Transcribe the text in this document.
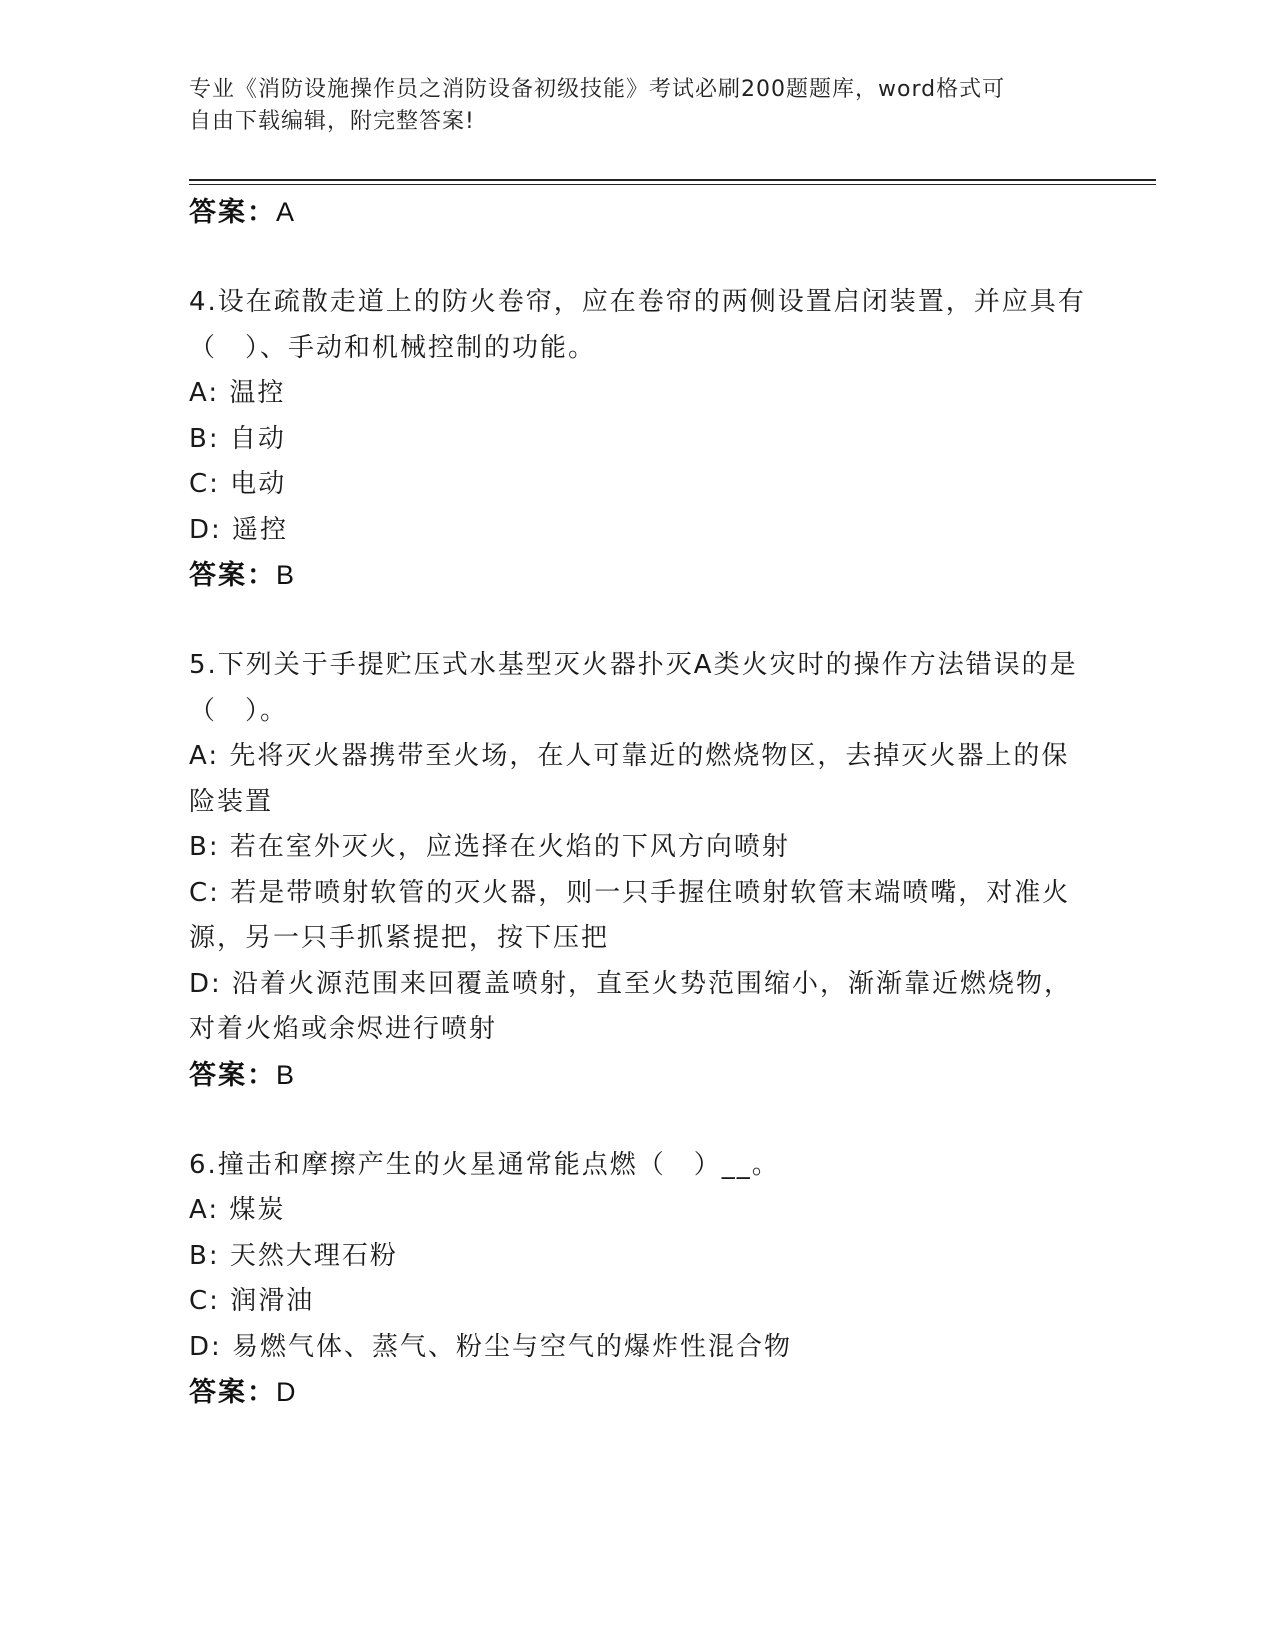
专业《消防设施操作员之消防设备初级技能》考试必刷200题题库，word格式可
自由下载编辑，附完整答案!
答案：A
4.设在疏散走道上的防火卷帘，应在卷帘的两侧设置启闭装置，并应具有（　）、手动和机械控制的功能。
A: 温控
B: 自动
C: 电动
D: 遥控
答案：B
5.下列关于手提贮压式水基型灭火器扑灭A类火灾时的操作方法错误的是（　）。
A: 先将灭火器携带至火场，在人可靠近的燃烧物区，去掉灭火器上的保险装置
B: 若在室外灭火，应选择在火焰的下风方向喷射
C: 若是带喷射软管的灭火器，则一只手握住喷射软管末端喷嘴，对准火源，另一只手抓紧提把，按下压把
D: 沿着火源范围来回覆盖喷射，直至火势范围缩小，渐渐靠近燃烧物，对着火焰或余烬进行喷射
答案：B
6.撞击和摩擦产生的火星通常能点燃（　）__。
A: 煤炭
B: 天然大理石粉
C: 润滑油
D: 易燃气体、蒸气、粉尘与空气的爆炸性混合物
答案：D
